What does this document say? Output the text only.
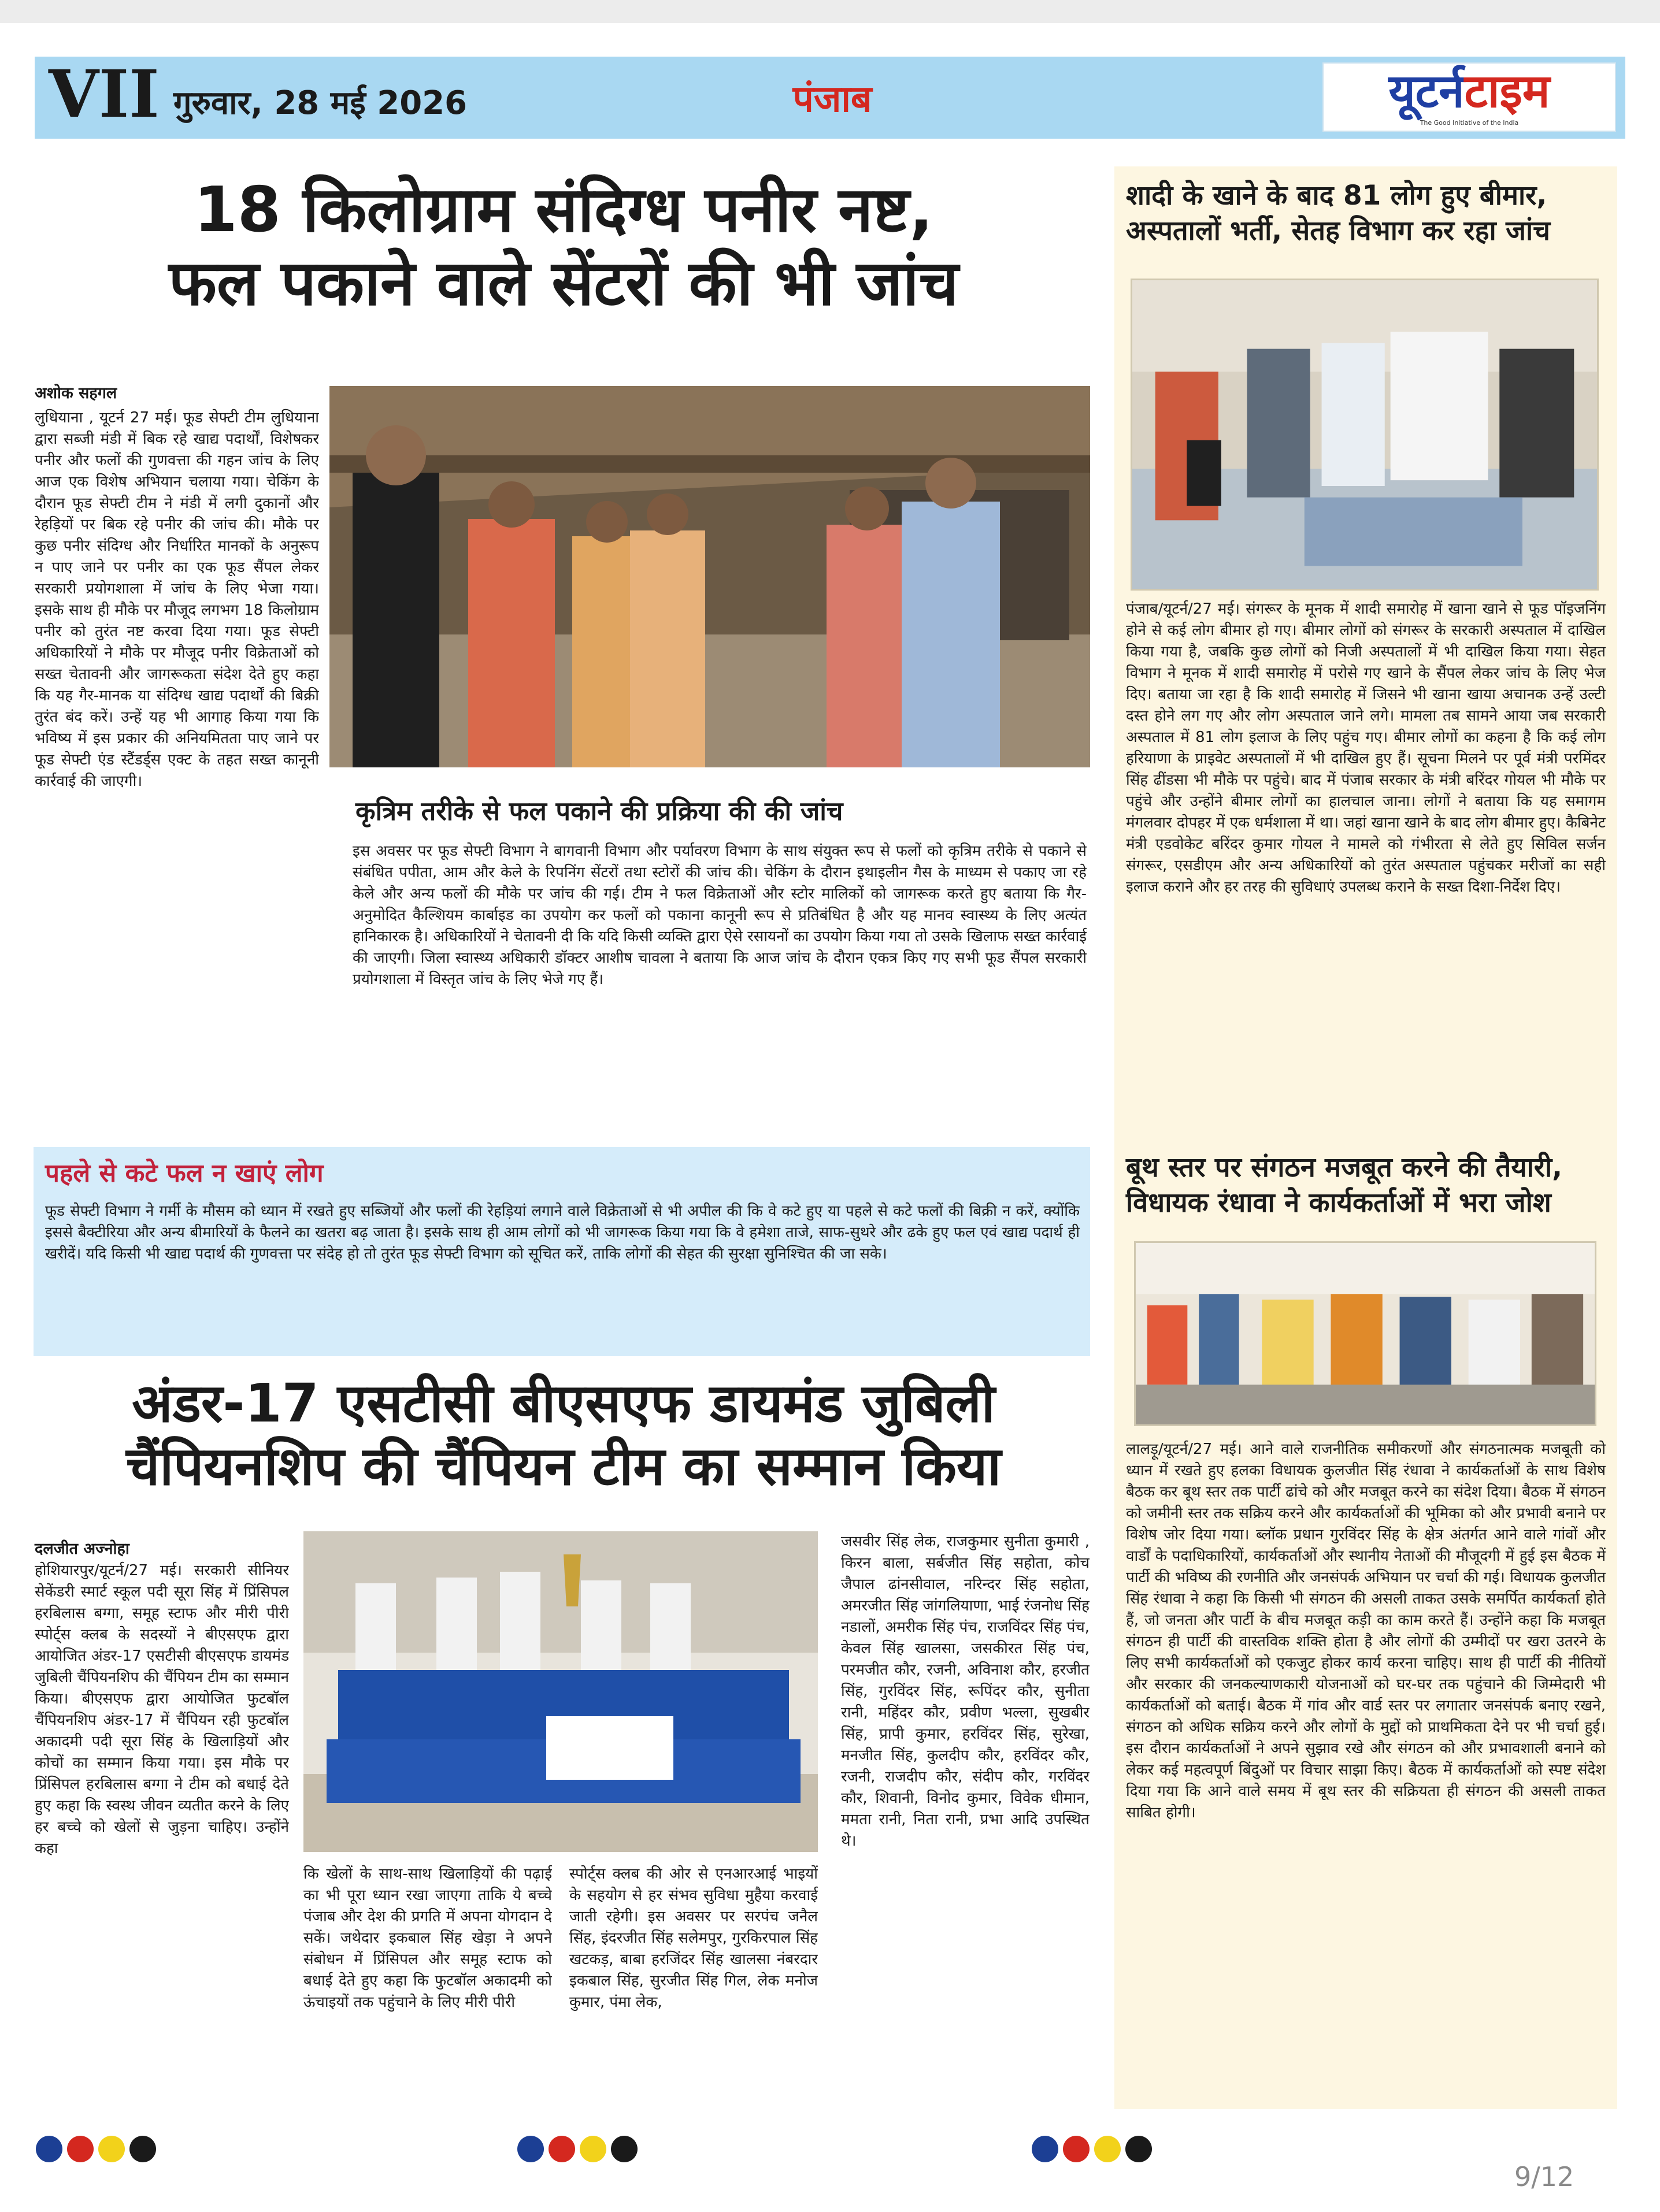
VII गुरुवार, 28 मई 2026	पंजाब	यूटर्नटाइम
The Good Initiative of the India
18 किलोग्राम संदिग्ध पनीर नष्ट,
फल पकाने वाले सेंटरों की भी जांच
अशोक सहगल
लुधियाना , यूटर्न 27 मई। फूड सेफ्टी टीम लुधियाना द्वारा सब्जी मंडी में बिक रहे खाद्य पदार्थों, विशेषकर पनीर और फलों की गुणवत्ता की गहन जांच के लिए आज एक विशेष अभियान चलाया गया। चेकिंग के दौरान फूड सेफ्टी टीम ने मंडी में लगी दुकानों और रेहड़ियों पर बिक रहे पनीर की जांच की। मौके पर कुछ पनीर संदिग्ध और निर्धारित मानकों के अनुरूप न पाए जाने पर पनीर का एक फूड सैंपल लेकर सरकारी प्रयोगशाला में जांच के लिए भेजा गया। इसके साथ ही मौके पर मौजूद लगभग 18 किलोग्राम पनीर को तुरंत नष्ट करवा दिया गया। फूड सेफ्टी अधिकारियों ने मौके पर मौजूद पनीर विक्रेताओं को सख्त चेतावनी और जागरूकता संदेश देते हुए कहा कि यह गैर-मानक या संदिग्ध खाद्य पदार्थों की बिक्री तुरंत बंद करें। उन्हें यह भी आगाह किया गया कि भविष्य में इस प्रकार की अनियमितता पाए जाने पर फूड सेफ्टी एंड स्टैंडर्ड्स एक्ट के तहत सख्त कानूनी कार्रवाई की जाएगी।
कृत्रिम तरीके से फल पकाने की प्रक्रिया की की जांच
इस अवसर पर फूड सेफ्टी विभाग ने बागवानी विभाग और पर्यावरण विभाग के साथ संयुक्त रूप से फलों को कृत्रिम तरीके से पकाने से संबंधित पपीता, आम और केले के रिपनिंग सेंटरों तथा स्टोरों की जांच की। चेकिंग के दौरान इथाइलीन गैस के माध्यम से पकाए जा रहे केले और अन्य फलों की मौके पर जांच की गई। टीम ने फल विक्रेताओं और स्टोर मालिकों को जागरूक करते हुए बताया कि गैर-अनुमोदित कैल्शियम कार्बाइड का उपयोग कर फलों को पकाना कानूनी रूप से प्रतिबंधित है और यह मानव स्वास्थ्य के लिए अत्यंत हानिकारक है। अधिकारियों ने चेतावनी दी कि यदि किसी व्यक्ति द्वारा ऐसे रसायनों का उपयोग किया गया तो उसके खिलाफ सख्त कार्रवाई की जाएगी। जिला स्वास्थ्य अधिकारी डॉक्टर आशीष चावला ने बताया कि आज जांच के दौरान एकत्र किए गए सभी फूड सैंपल सरकारी प्रयोगशाला में विस्तृत जांच के लिए भेजे गए हैं।
पहले से कटे फल न खाएं लोग
फूड सेफ्टी विभाग ने गर्मी के मौसम को ध्यान में रखते हुए सब्जियों और फलों की रेहड़ियां लगाने वाले विक्रेताओं से भी अपील की कि वे कटे हुए या पहले से कटे फलों की बिक्री न करें, क्योंकि इससे बैक्टीरिया और अन्य बीमारियों के फैलने का खतरा बढ़ जाता है। इसके साथ ही आम लोगों को भी जागरूक किया गया कि वे हमेशा ताजे, साफ-सुथरे और ढके हुए फल एवं खाद्य पदार्थ ही खरीदें। यदि किसी भी खाद्य पदार्थ की गुणवत्ता पर संदेह हो तो तुरंत फूड सेफ्टी विभाग को सूचित करें, ताकि लोगों की सेहत की सुरक्षा सुनिश्चित की जा सके।
अंडर-17 एसटीसी बीएसएफ डायमंड जुबिली
चैंपियनशिप की चैंपियन टीम का सम्मान किया
दलजीत अज्नोहा
होशियारपुर/यूटर्न/27 मई। सरकारी सीनियर सेकेंडरी स्मार्ट स्कूल पदी सूरा सिंह में प्रिंसिपल हरबिलास बग्गा, समूह स्टाफ और मीरी पीरी स्पोर्ट्स क्लब के सदस्यों ने बीएसएफ द्वारा आयोजित अंडर-17 एसटीसी बीएसएफ डायमंड जुबिली चैंपियनशिप की चैंपियन टीम का सम्मान किया। बीएसएफ द्वारा आयोजित फुटबॉल चैंपियनशिप अंडर-17 में चैंपियन रही फुटबॉल अकादमी पदी सूरा सिंह के खिलाड़ियों और कोचों का सम्मान किया गया। इस मौके पर प्रिंसिपल हरबिलास बग्गा ने टीम को बधाई देते हुए कहा कि स्वस्थ जीवन व्यतीत करने के लिए हर बच्चे को खेलों से जुड़ना चाहिए। उन्होंने कहा
कि खेलों के साथ-साथ खिलाड़ियों की पढ़ाई का भी पूरा ध्यान रखा जाएगा ताकि ये बच्चे पंजाब और देश की प्रगति में अपना योगदान दे सकें। जथेदार इकबाल सिंह खेड़ा ने अपने संबोधन में प्रिंसिपल और समूह स्टाफ को बधाई देते हुए कहा कि फुटबॉल अकादमी को ऊंचाइयों तक पहुंचाने के लिए मीरी पीरी
स्पोर्ट्स क्लब की ओर से एनआरआई भाइयों के सहयोग से हर संभव सुविधा मुहैया करवाई जाती रहेगी। इस अवसर पर सरपंच जनैल सिंह, इंदरजीत सिंह सलेमपुर, गुरकिरपाल सिंह खटकड़, बाबा हरजिंदर सिंह खालसा नंबरदार इकबाल सिंह, सुरजीत सिंह गिल, लेक मनोज कुमार, पंमा लेक,
जसवीर सिंह लेक, राजकुमार सुनीता कुमारी , किरन बाला, सर्बजीत सिंह सहोता, कोच जैपाल ढांनसीवाल, नरिन्दर सिंह सहोता, अमरजीत सिंह जांगलियाणा, भाई रंजनोध सिंह नडालों, अमरीक सिंह पंच, राजविंदर सिंह पंच, केवल सिंह खालसा, जसकीरत सिंह पंच, परमजीत कौर, रजनी, अविनाश कौर, हरजीत सिंह, गुरविंदर सिंह, रूपिंदर कौर, सुनीता रानी, महिंदर कौर, प्रवीण भल्ला, सुखबीर सिंह, प्रापी कुमार, हरविंदर सिंह, सुरेखा, मनजीत सिंह, कुलदीप कौर, हरविंदर कौर, रजनी, राजदीप कौर, संदीप कौर, गरविंदर कौर, शिवानी, विनोद कुमार, विवेक धीमान, ममता रानी, निता रानी, प्रभा आदि उपस्थित थे।
शादी के खाने के बाद 81 लोग हुए बीमार,
अस्पतालों भर्ती, सेतह विभाग कर रहा जांच
पंजाब/यूटर्न/27 मई। संगरूर के मूनक में शादी समारोह में खाना खाने से फूड पॉइजनिंग होने से कई लोग बीमार हो गए। बीमार लोगों को संगरूर के सरकारी अस्पताल में दाखिल किया गया है, जबकि कुछ लोगों को निजी अस्पतालों में भी दाखिल किया गया। सेहत विभाग ने मूनक में शादी समारोह में परोसे गए खाने के सैंपल लेकर जांच के लिए भेज दिए। बताया जा रहा है कि शादी समारोह में जिसने भी खाना खाया अचानक उन्हें उल्टी दस्त होने लग गए और लोग अस्पताल जाने लगे। मामला तब सामने आया जब सरकारी अस्पताल में 81 लोग इलाज के लिए पहुंच गए। बीमार लोगों का कहना है कि कई लोग हरियाणा के प्राइवेट अस्पतालों में भी दाखिल हुए हैं। सूचना मिलने पर पूर्व मंत्री परमिंदर सिंह ढींडसा भी मौके पर पहुंचे। बाद में पंजाब सरकार के मंत्री बरिंदर गोयल भी मौके पर पहुंचे और उन्होंने बीमार लोगों का हालचाल जाना। लोगों ने बताया कि यह समागम मंगलवार दोपहर में एक धर्मशाला में था। जहां खाना खाने के बाद लोग बीमार हुए। कैबिनेट मंत्री एडवोकेट बरिंदर कुमार गोयल ने मामले को गंभीरता से लेते हुए सिविल सर्जन संगरूर, एसडीएम और अन्य अधिकारियों को तुरंत अस्पताल पहुंचकर मरीजों का सही इलाज कराने और हर तरह की सुविधाएं उपलब्ध कराने के सख्त दिशा-निर्देश दिए।
बूथ स्तर पर संगठन मजबूत करने की तैयारी,
विधायक रंधावा ने कार्यकर्ताओं में भरा जोश
लालड़ू/यूटर्न/27 मई। आने वाले राजनीतिक समीकरणों और संगठनात्मक मजबूती को ध्यान में रखते हुए हलका विधायक कुलजीत सिंह रंधावा ने कार्यकर्ताओं के साथ विशेष बैठक कर बूथ स्तर तक पार्टी ढांचे को और मजबूत करने का संदेश दिया। बैठक में संगठन को जमीनी स्तर तक सक्रिय करने और कार्यकर्ताओं की भूमिका को और प्रभावी बनाने पर विशेष जोर दिया गया। ब्लॉक प्रधान गुरविंदर सिंह के क्षेत्र अंतर्गत आने वाले गांवों और वार्डों के पदाधिकारियों, कार्यकर्ताओं और स्थानीय नेताओं की मौजूदगी में हुई इस बैठक में पार्टी की भविष्य की रणनीति और जनसंपर्क अभियान पर चर्चा की गई। विधायक कुलजीत सिंह रंधावा ने कहा कि किसी भी संगठन की असली ताकत उसके समर्पित कार्यकर्ता होते हैं, जो जनता और पार्टी के बीच मजबूत कड़ी का काम करते हैं। उन्होंने कहा कि मजबूत संगठन ही पार्टी की वास्तविक शक्ति होता है और लोगों की उम्मीदों पर खरा उतरने के लिए सभी कार्यकर्ताओं को एकजुट होकर कार्य करना चाहिए। साथ ही पार्टी की नीतियों और सरकार की जनकल्याणकारी योजनाओं को घर-घर तक पहुंचाने की जिम्मेदारी भी कार्यकर्ताओं को बताई। बैठक में गांव और वार्ड स्तर पर लगातार जनसंपर्क बनाए रखने, संगठन को अधिक सक्रिय करने और लोगों के मुद्दों को प्राथमिकता देने पर भी चर्चा हुई। इस दौरान कार्यकर्ताओं ने अपने सुझाव रखे और संगठन को और प्रभावशाली बनाने को लेकर कई महत्वपूर्ण बिंदुओं पर विचार साझा किए। बैठक में कार्यकर्ताओं को स्पष्ट संदेश दिया गया कि आने वाले समय में बूथ स्तर की सक्रियता ही संगठन की असली ताकत साबित होगी।
9/12
